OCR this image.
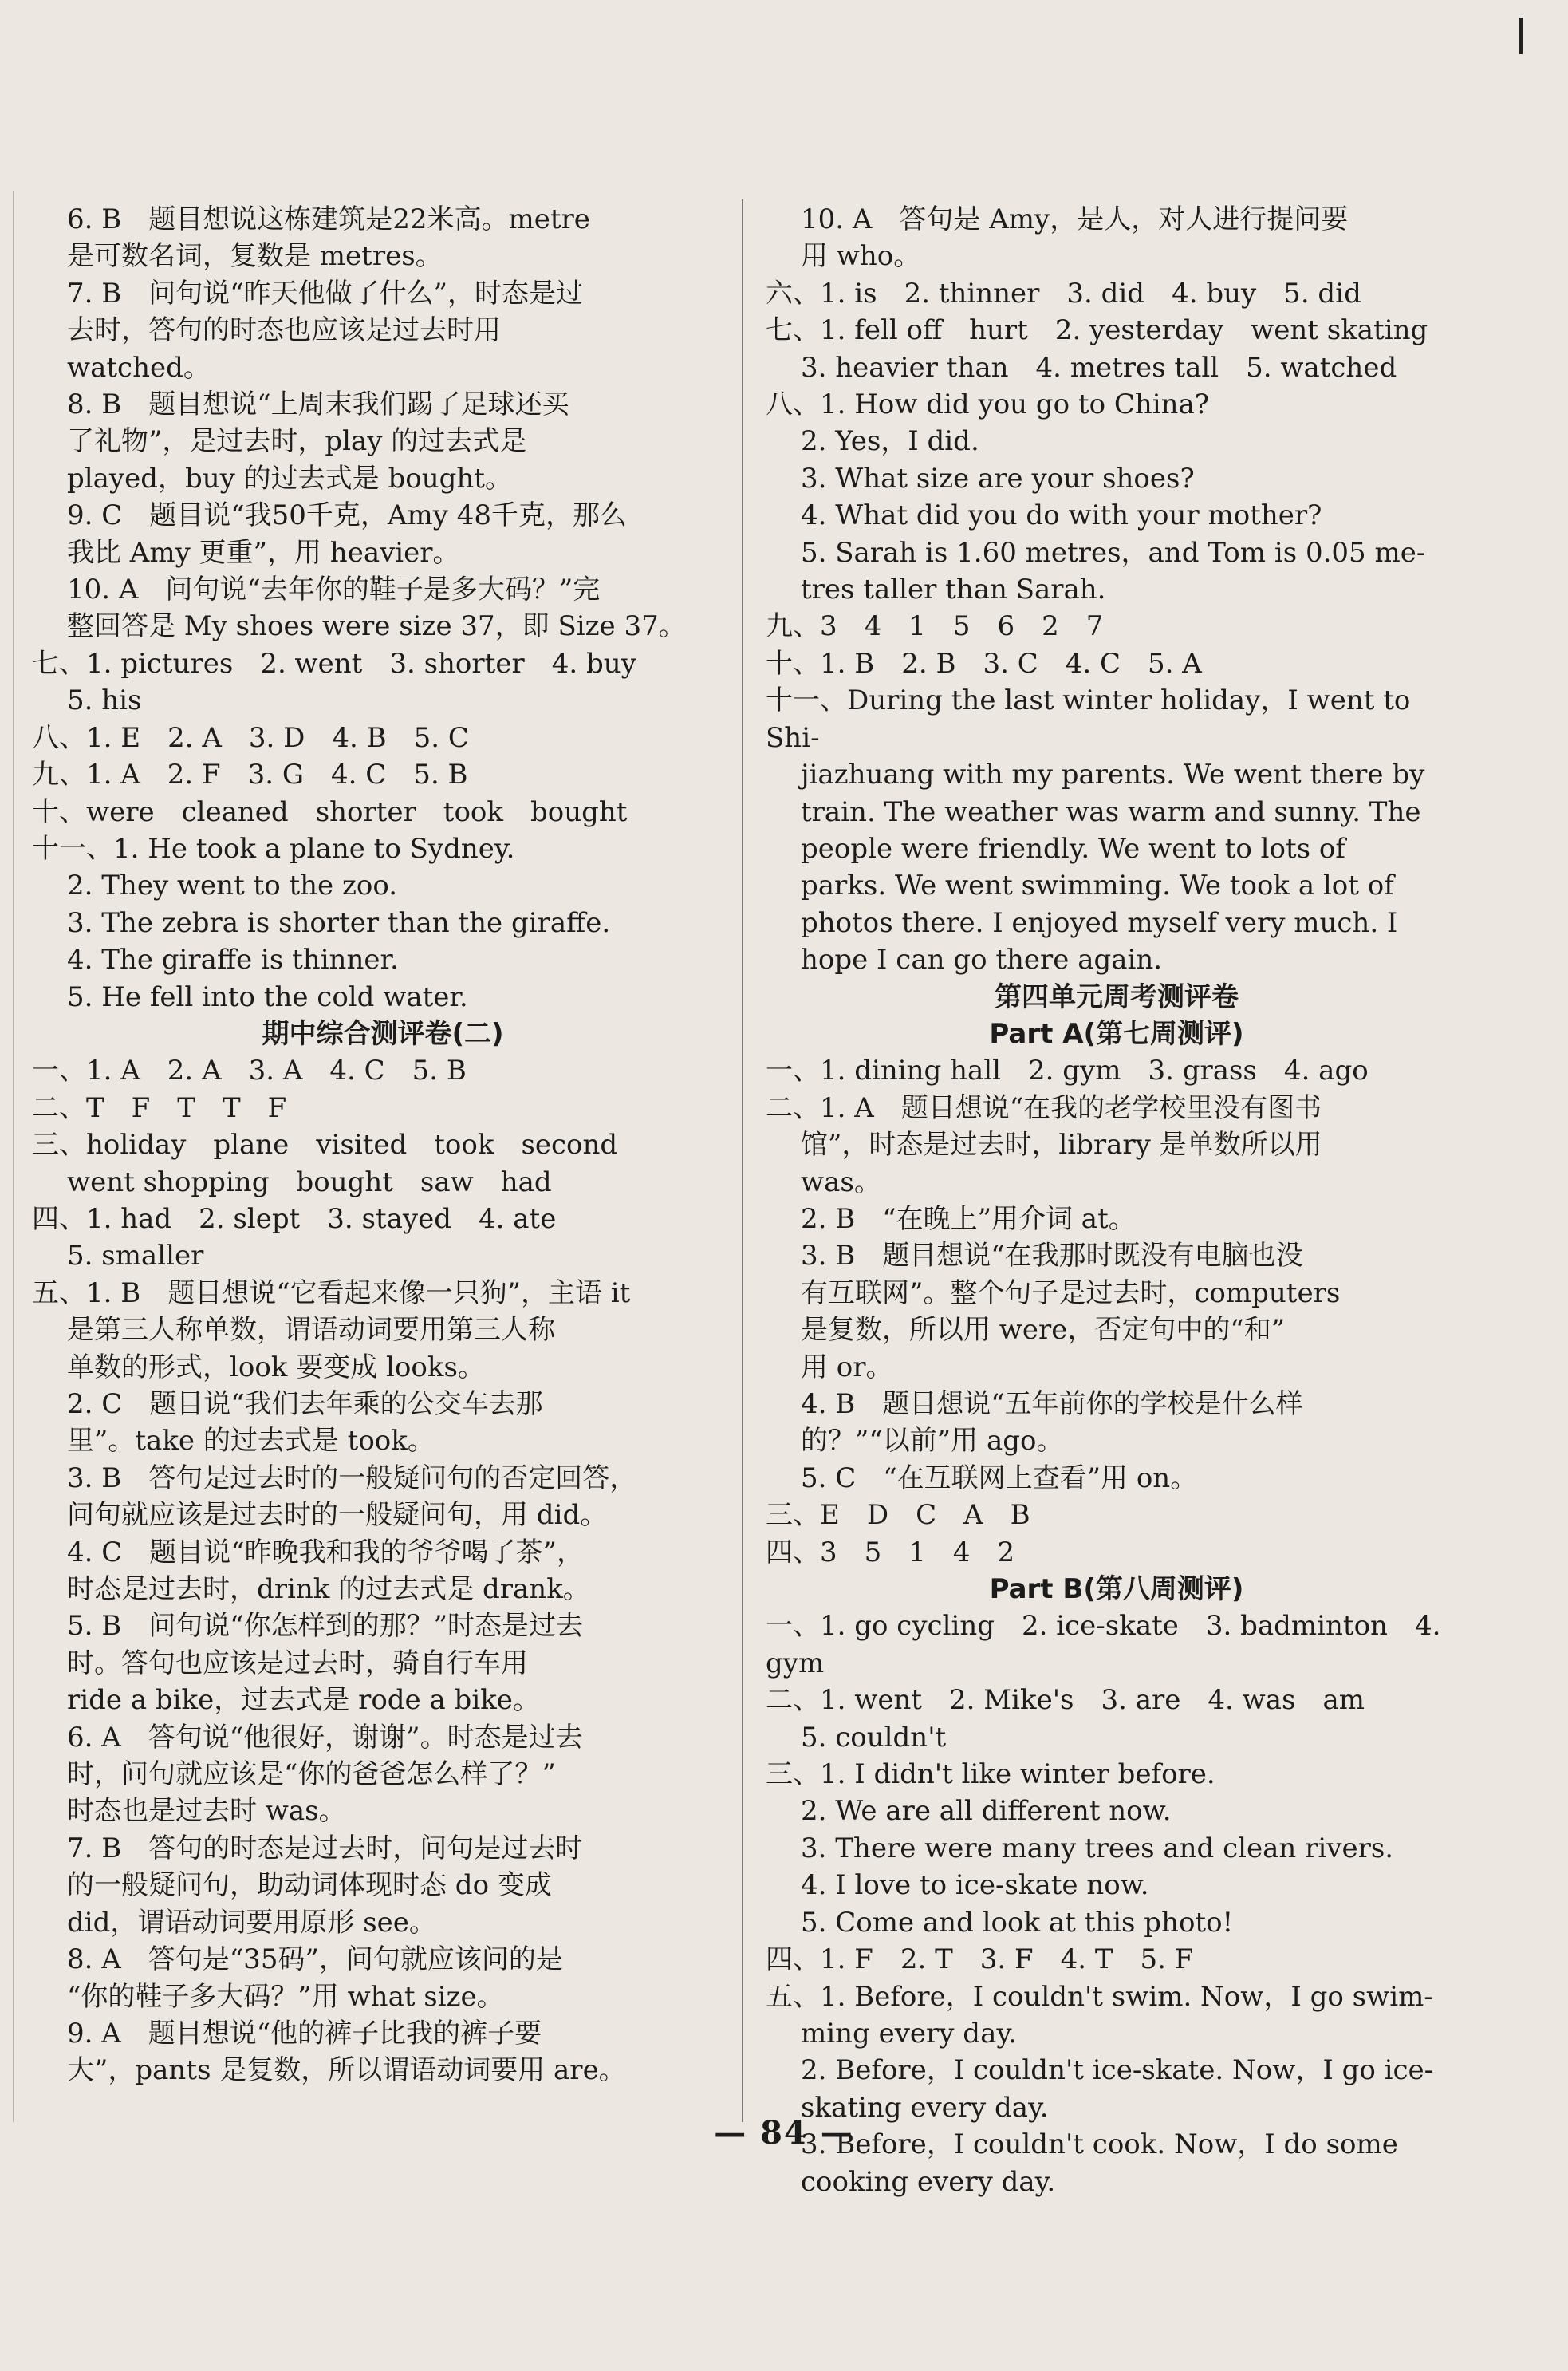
6. B　题目想说这栋建筑是22米高。metre
是可数名词，复数是 metres。
7. B　问句说“昨天他做了什么”，时态是过
去时，答句的时态也应该是过去时用
watched。
8. B　题目想说“上周末我们踢了足球还买
了礼物”，是过去时，play 的过去式是
played，buy 的过去式是 bought。
9. C　题目说“我50千克，Amy 48千克，那么
我比 Amy 更重”，用 heavier。
10. A　问句说“去年你的鞋子是多大码？”完
整回答是 My shoes were size 37，即 Size 37。
七、1. pictures　2. went　3. shorter　4. buy
5. his
八、1. E　2. A　3. D　4. B　5. C
九、1. A　2. F　3. G　4. C　5. B
十、were　cleaned　shorter　took　bought
十一、1. He took a plane to Sydney.
2. They went to the zoo.
3. The zebra is shorter than the giraffe.
4. The giraffe is thinner.
5. He fell into the cold water.
期中综合测评卷(二)
一、1. A　2. A　3. A　4. C　5. B
二、T　F　T　T　F
三、holiday　plane　visited　took　second
went shopping　bought　saw　had
四、1. had　2. slept　3. stayed　4. ate
5. smaller
五、1. B　题目想说“它看起来像一只狗”，主语 it
是第三人称单数，谓语动词要用第三人称
单数的形式，look 要变成 looks。
2. C　题目说“我们去年乘的公交车去那
里”。take 的过去式是 took。
3. B　答句是过去时的一般疑问句的否定回答，
问句就应该是过去时的一般疑问句，用 did。
4. C　题目说“昨晚我和我的爷爷喝了茶”，
时态是过去时，drink 的过去式是 drank。
5. B　问句说“你怎样到的那？”时态是过去
时。答句也应该是过去时，骑自行车用
ride a bike，过去式是 rode a bike。
6. A　答句说“他很好，谢谢”。时态是过去
时，问句就应该是“你的爸爸怎么样了？”
时态也是过去时 was。
7. B　答句的时态是过去时，问句是过去时
的一般疑问句，助动词体现时态 do 变成
did，谓语动词要用原形 see。
8. A　答句是“35码”，问句就应该问的是
“你的鞋子多大码？”用 what size。
9. A　题目想说“他的裤子比我的裤子要
大”，pants 是复数，所以谓语动词要用 are。
10. A　答句是 Amy，是人，对人进行提问要
用 who。
六、1. is　2. thinner　3. did　4. buy　5. did
七、1. fell off　hurt　2. yesterday　went skating
3. heavier than　4. metres tall　5. watched
八、1. How did you go to China?
2. Yes，I did.
3. What size are your shoes?
4. What did you do with your mother?
5. Sarah is 1.60 metres，and Tom is 0.05 me-
tres taller than Sarah.
九、3　4　1　5　6　2　7
十、1. B　2. B　3. C　4. C　5. A
十一、During the last winter holiday，I went to Shi-
jiazhuang with my parents. We went there by
train. The weather was warm and sunny. The
people were friendly. We went to lots of
parks. We went swimming. We took a lot of
photos there. I enjoyed myself very much. I
hope I can go there again.
第四单元周考测评卷
Part A(第七周测评)
一、1. dining hall　2. gym　3. grass　4. ago
二、1. A　题目想说“在我的老学校里没有图书
馆”，时态是过去时，library 是单数所以用
was。
2. B　“在晚上”用介词 at。
3. B　题目想说“在我那时既没有电脑也没
有互联网”。整个句子是过去时，computers
是复数，所以用 were，否定句中的“和”
用 or。
4. B　题目想说“五年前你的学校是什么样
的？”“以前”用 ago。
5. C　“在互联网上查看”用 on。
三、E　D　C　A　B
四、3　5　1　4　2
Part B(第八周测评)
一、1. go cycling　2. ice-skate　3. badminton　4. gym
二、1. went　2. Mike's　3. are　4. was　am
5. couldn't
三、1. I didn't like winter before.
2. We are all different now.
3. There were many trees and clean rivers.
4. I love to ice-skate now.
5. Come and look at this photo!
四、1. F　2. T　3. F　4. T　5. F
五、1. Before，I couldn't swim. Now，I go swim-
ming every day.
2. Before，I couldn't ice-skate. Now，I go ice-
skating every day.
3. Before，I couldn't cook. Now，I do some
cooking every day.
— 84 —
